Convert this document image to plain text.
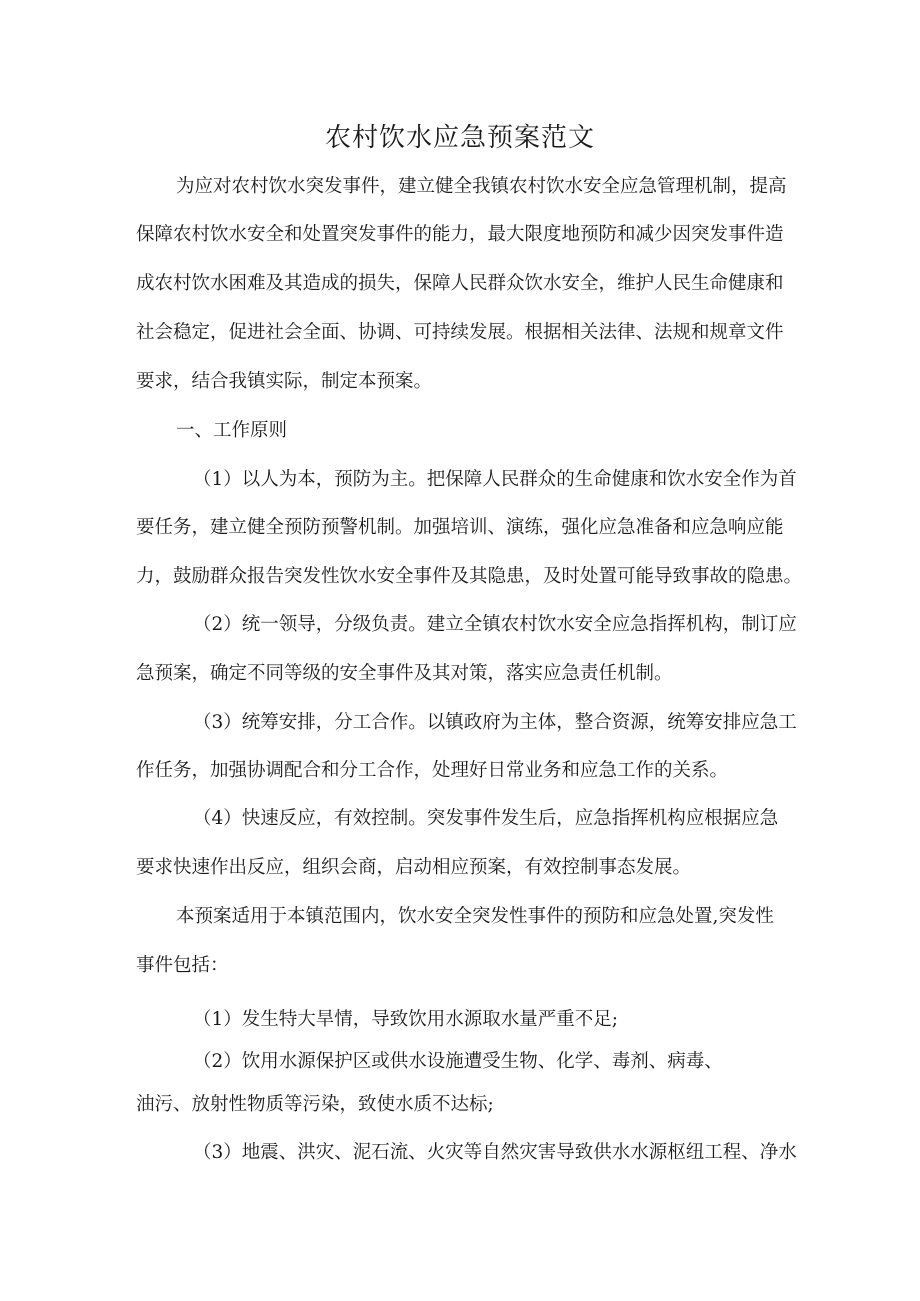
农村饮水应急预案范文
为应对农村饮水突发事件，建立健全我镇农村饮水安全应急管理机制，提高
保障农村饮水安全和处置突发事件的能力，最大限度地预防和减少因突发事件造
成农村饮水困难及其造成的损失，保障人民群众饮水安全，维护人民生命健康和
社会稳定，促进社会全面、协调、可持续发展。根据相关法律、法规和规章文件
要求，结合我镇实际，制定本预案。
一、工作原则
（1）以人为本，预防为主。把保障人民群众的生命健康和饮水安全作为首
要任务，建立健全预防预警机制。加强培训、演练，强化应急准备和应急响应能
力，鼓励群众报告突发性饮水安全事件及其隐患，及时处置可能导致事故的隐患。
（2）统一领导，分级负责。建立全镇农村饮水安全应急指挥机构，制订应
急预案，确定不同等级的安全事件及其对策，落实应急责任机制。
（3）统筹安排，分工合作。以镇政府为主体，整合资源，统筹安排应急工
作任务，加强协调配合和分工合作，处理好日常业务和应急工作的关系。
（4）快速反应，有效控制。突发事件发生后，应急指挥机构应根据应急
要求快速作出反应，组织会商，启动相应预案，有效控制事态发展。
本预案适用于本镇范围内，饮水安全突发性事件的预防和应急处置,突发性
事件包括：
（1）发生特大旱情，导致饮用水源取水量严重不足;
（2）饮用水源保护区或供水设施遭受生物、化学、毒剂、病毒、
油污、放射性物质等污染，致使水质不达标;
（3）地震、洪灾、泥石流、火灾等自然灾害导致供水水源枢纽工程、净水
